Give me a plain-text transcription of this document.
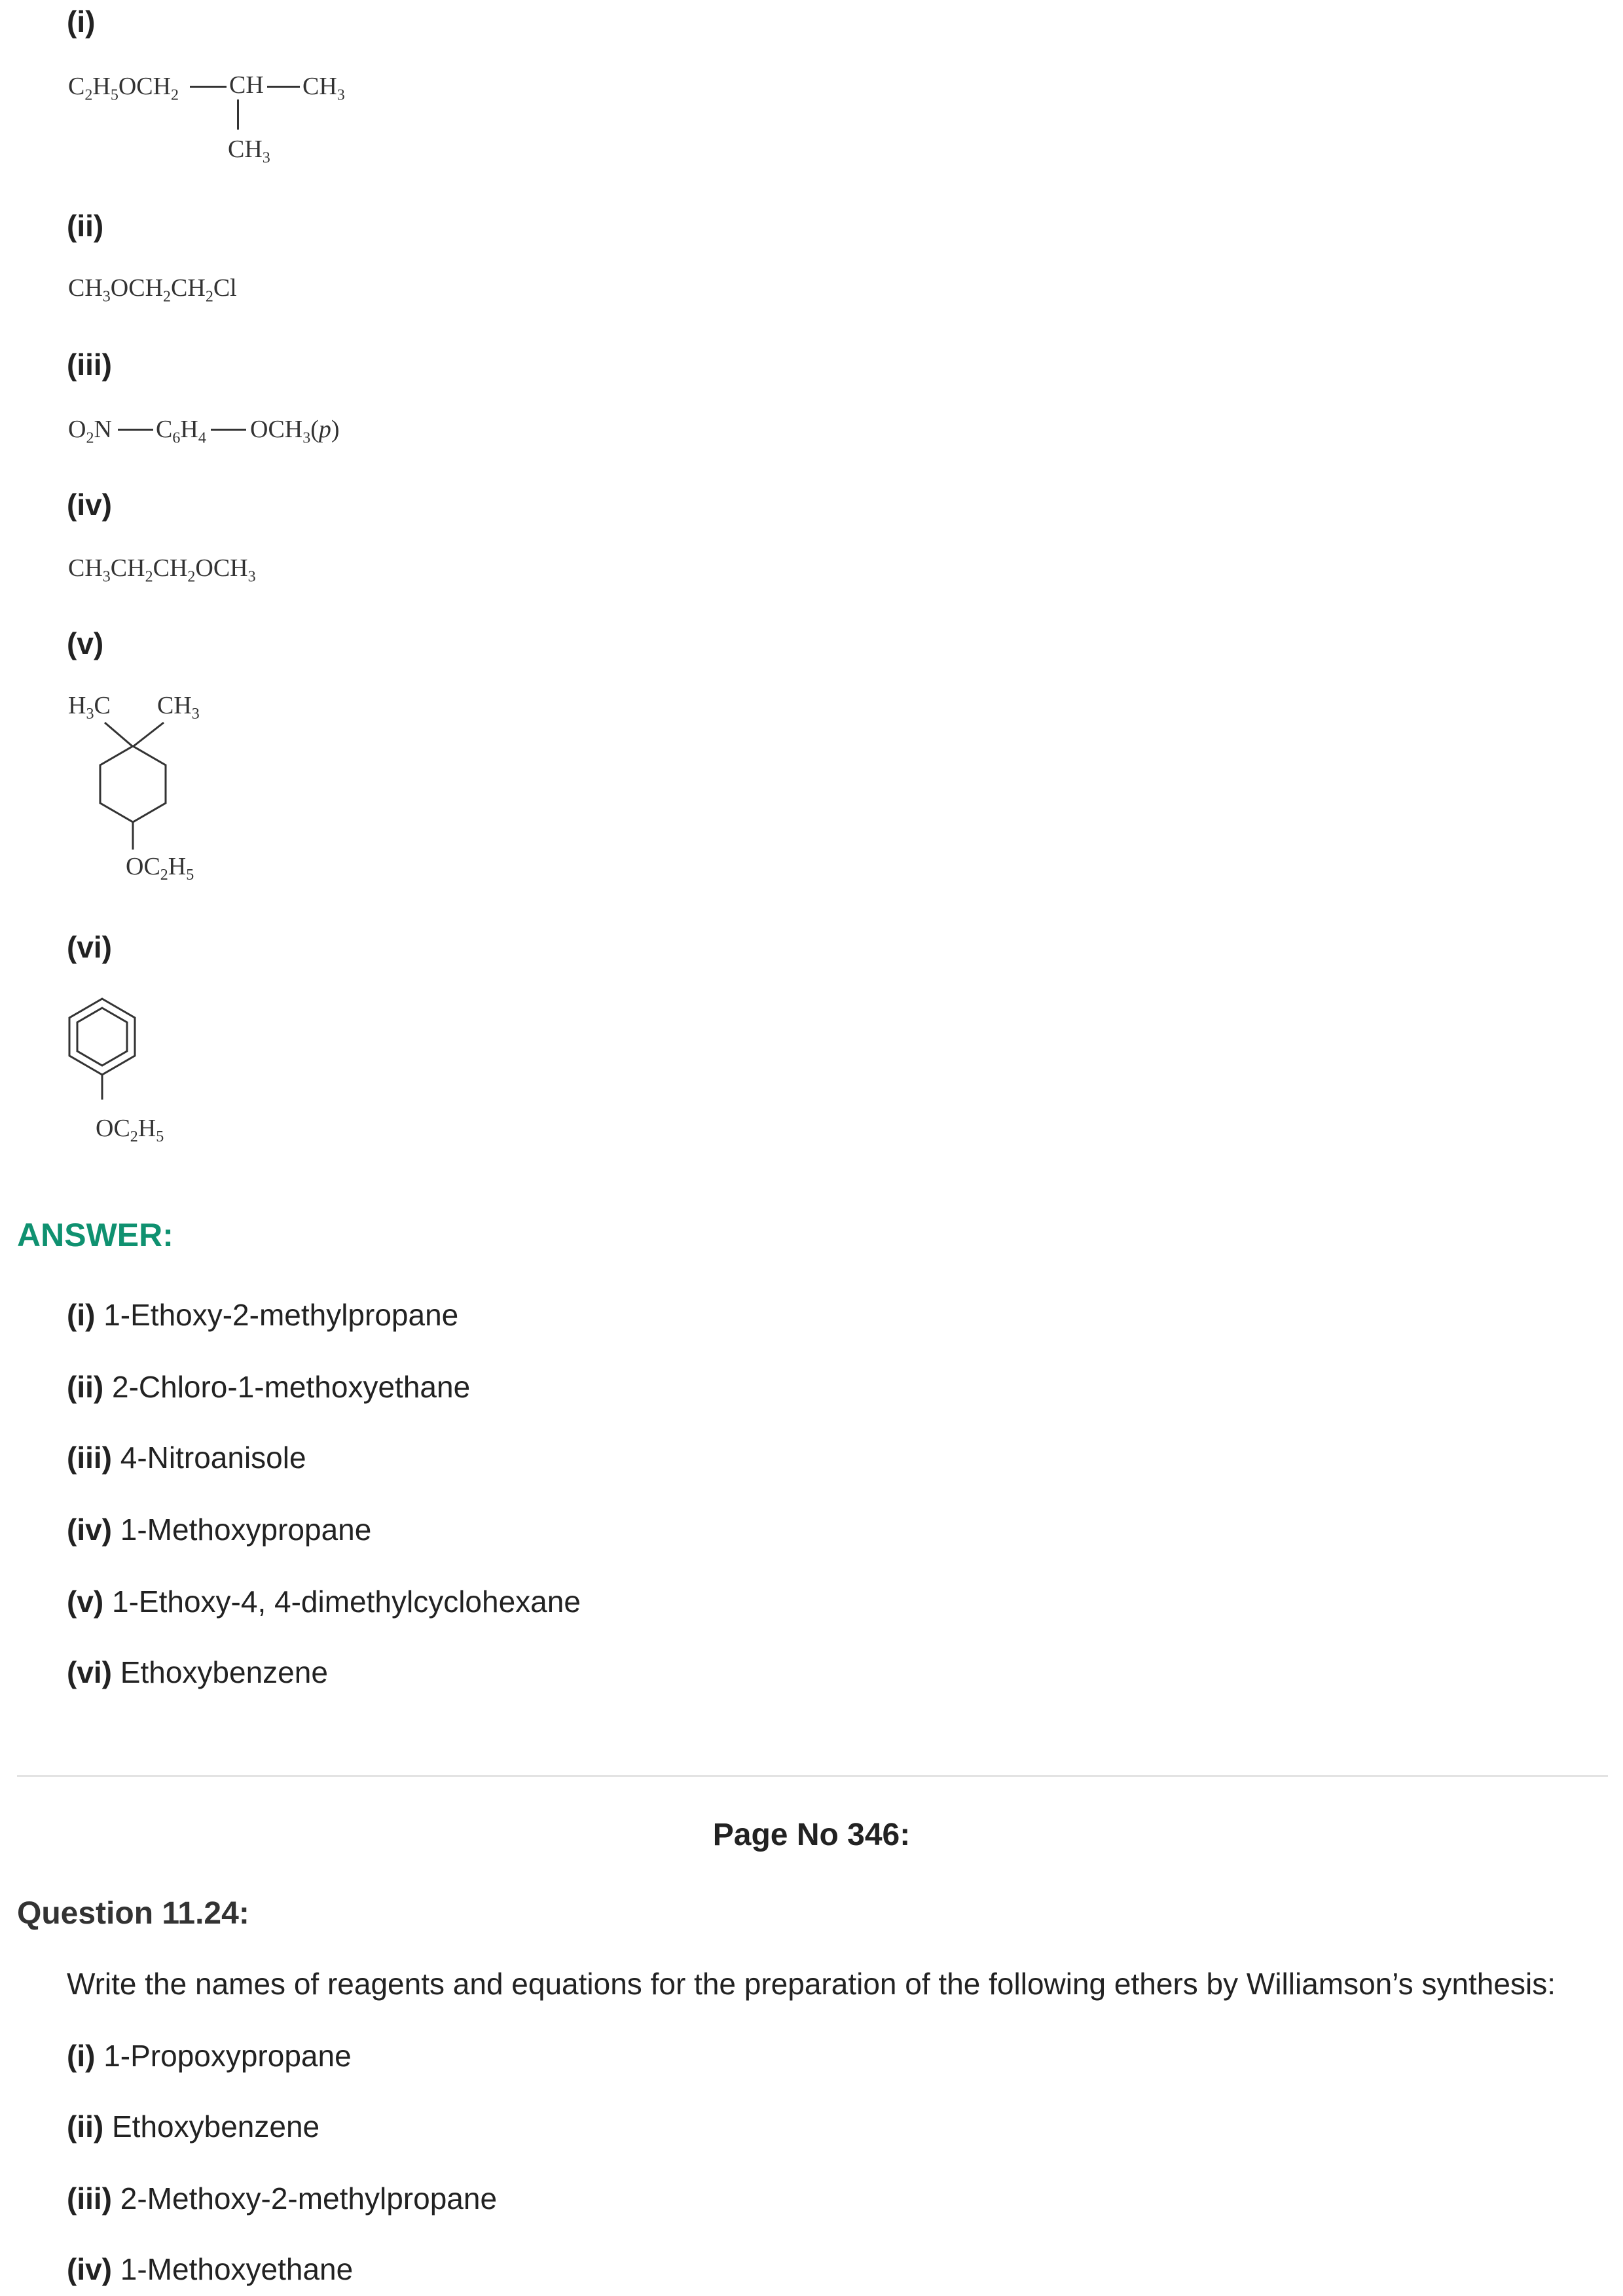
(i)
$C_2H_5OCH_2$ CH $CH_3$
$CH_3$
(ii)
$CH_3OCH_2CH_2Cl$
(iii)
$O_2N$ $C_6H_4$ $OCH_3(p)$
(iv)
$CH_3CH_2CH_2OCH_3$
(v)
$H_3C$ $CH_3$
$OC_2H_5$
(vi)
$OC_2H_5$
ANSWER:
(i) 1-Ethoxy-2-methylpropane
(ii) 2-Chloro-1-methoxyethane
(iii) 4-Nitroanisole
(iv) 1-Methoxypropane
(v) 1-Ethoxy-4, 4-dimethylcyclohexane
(vi) Ethoxybenzene
Page No 346:
Question 11.24:
Write the names of reagents and equations for the preparation of the following ethers by Williamson’s synthesis:
(i) 1-Propoxypropane
(ii) Ethoxybenzene
(iii) 2-Methoxy-2-methylpropane
(iv) 1-Methoxyethane
